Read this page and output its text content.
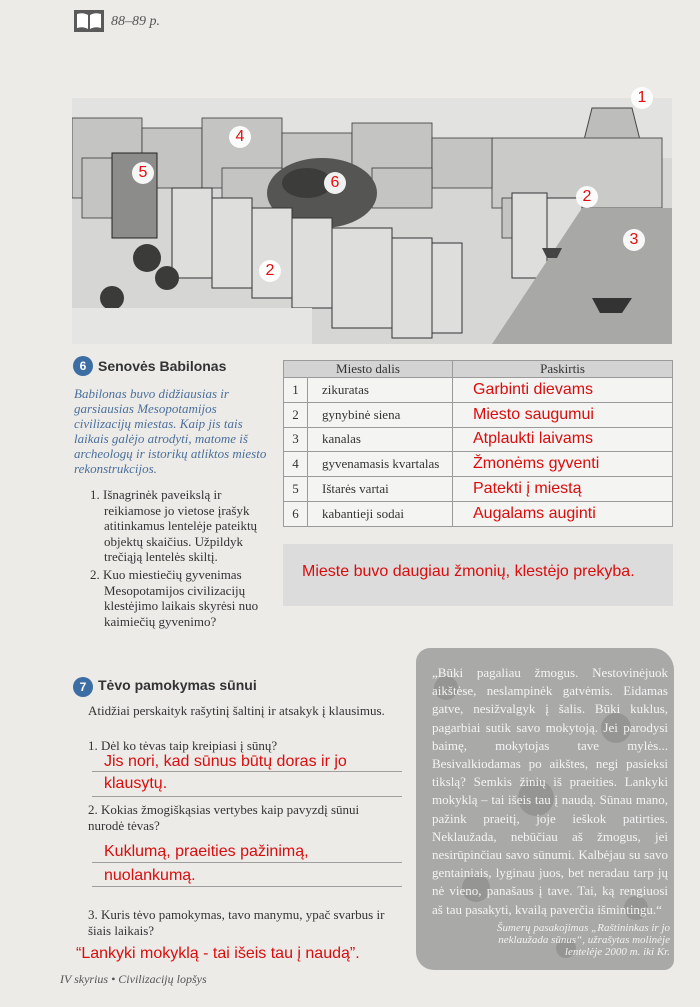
88–89 p.
1
2
3
4
5
6
2
6 Senovės Babilonas
Babilonas buvo didžiausias ir garsiausias Mesopotamijos civilizacijų miestas. Kaip jis tais laikais galėjo atrodyti, matome iš archeologų ir istorikų atliktos miesto rekonstrukcijos.
1. Išnagrinėk paveikslą ir reikiamose jo vietose įrašyk atitinkamus lentelėje pateiktų objektų skaičius. Užpildyk trečiąją lentelės skiltį.
2. Kuo miestiečių gyvenimas Mesopotamijos civilizacijų klestėjimo laikais skyrėsi nuo kaimiečių gyvenimo?
Miesto dalis		Paskirtis
1	zikuratas	Garbinti dievams
2	gynybinė siena	Miesto saugumui
3	kanalas	Atplaukti laivams
4	gyvenamasis kvartalas	Žmonėms gyventi
5	Ištarės vartai	Patekti į miestą
6	kabantieji sodai	Augalams auginti
Mieste buvo daugiau žmonių, klestėjo prekyba.
7 Tėvo pamokymas sūnui
Atidžiai perskaityk rašytinį šaltinį ir atsakyk į klausimus.
1. Dėl ko tėvas taip kreipiasi į sūnų?
Jis nori, kad sūnus būtų doras ir jo klausytų.
2. Kokias žmogiškąsias vertybes kaip pavyzdį sūnui nurodė tėvas?
Kuklumą, praeities pažinimą, nuolankumą.
3. Kuris tėvo pamokymas, tavo manymu, ypač svarbus ir šiais laikais?
“Lankyki mokyklą - tai išeis tau į naudą”.
„Būki pagaliau žmogus. Nestovinėjuok aikštėse, neslampinėk gatvėmis. Eidamas gatve, nesižvalgyk į šalis. Būki kuklus, pagarbiai sutik savo mokytoją. Jei parodysi baimę, mokytojas tave mylės... Besivalkiodamas po aikštes, negi pasieksi tikslą? Semkis žinių iš praeities. Lankyki mokyklą – tai išeis tau į naudą. Sūnau mano, pažink praeitį, joje ieškok patirties. Neklaužada, nebūčiau aš žmogus, jei nesirūpinčiau savo sūnumi. Kalbėjau su savo gentainiais, lyginau juos, bet neradau tarp jų nė vieno, panašaus į tave. Tai, ką rengiuosi aš tau pasakyti, kvailą paverčia išmintingu.“
Šumerų pasakojimas „Raštininkas ir jo neklaužada sūnus“, užrašytas molinėje lentelėje 2000 m. iki Kr.
IV skyrius • Civilizacijų lopšys
